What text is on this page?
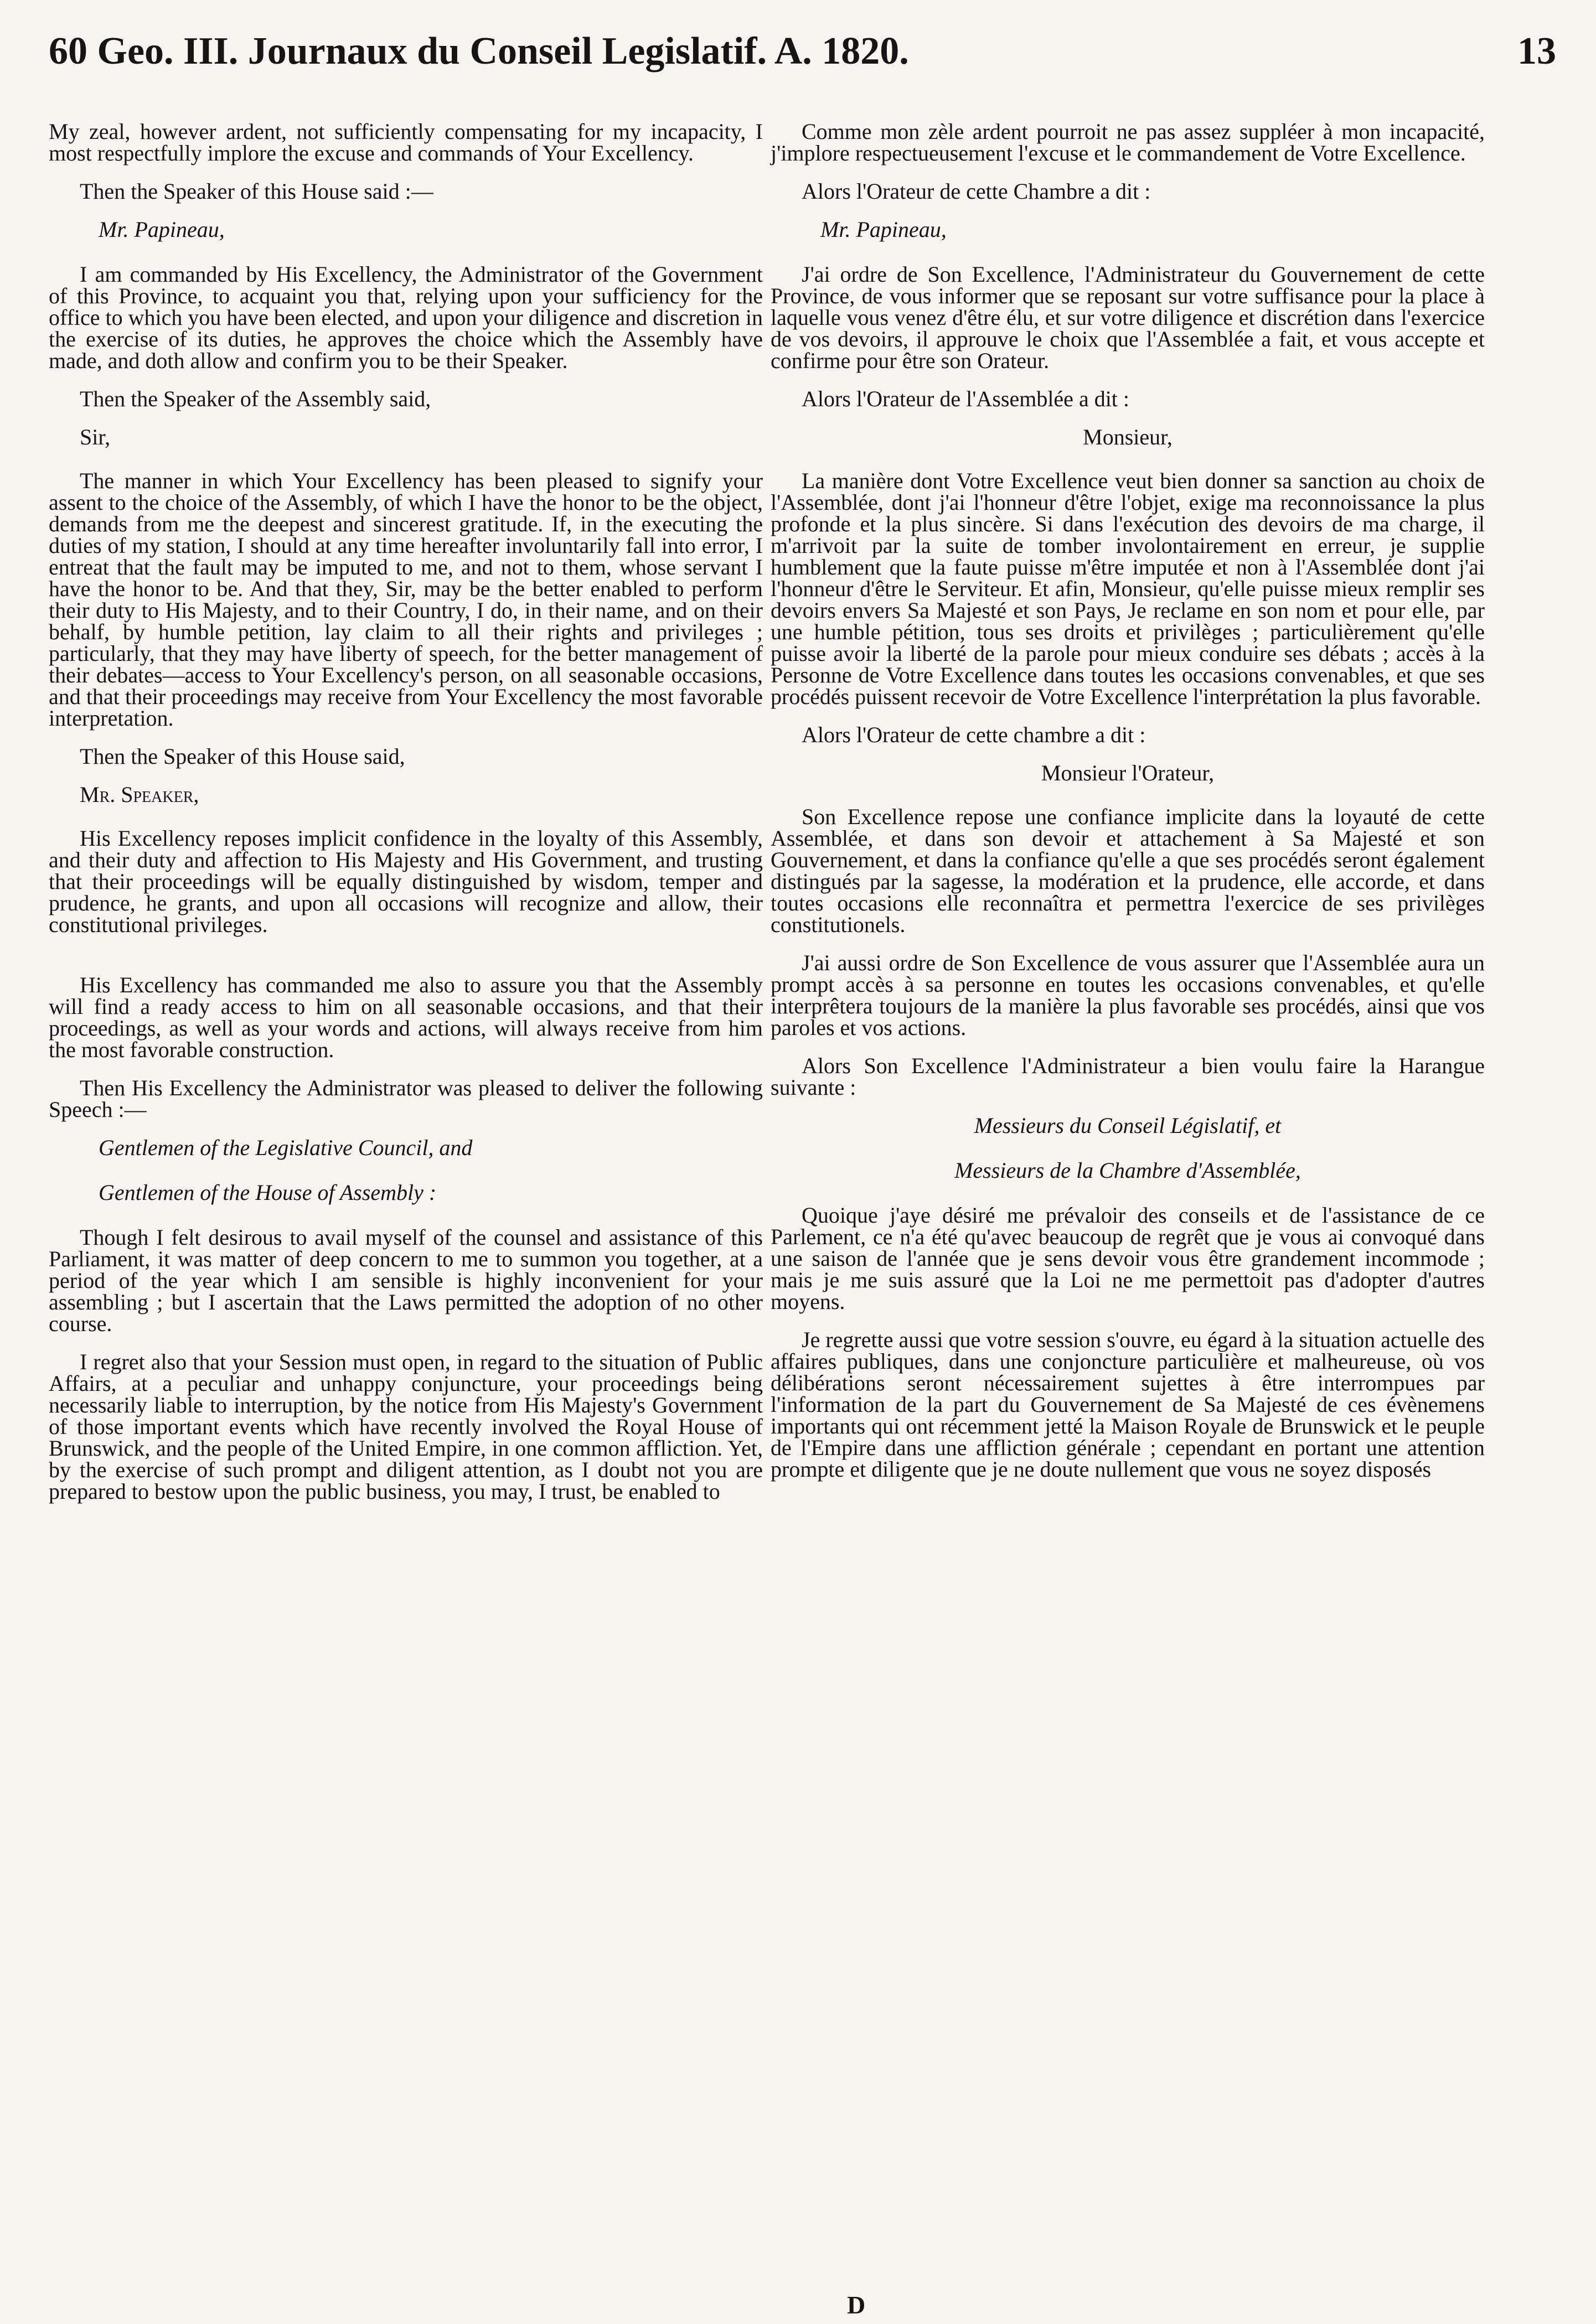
60 Geo. III. Journaux du Conseil Legislatif. A. 1820.	13

My zeal, however ardent, not sufficiently compensating for my incapacity, I most respectfully implore the excuse and commands of Your Excellency.

Then the Speaker of this House said :—

Mr. Papineau,

I am commanded by His Excellency, the Administrator of the Government of this Province, to acquaint you that, relying upon your sufficiency for the office to which you have been elected, and upon your diligence and discretion in the exercise of its duties, he approves the choice which the Assembly have made, and doth allow and confirm you to be their Speaker.

Then the Speaker of the Assembly said,

Sir,

The manner in which Your Excellency has been pleased to signify your assent to the choice of the Assembly, of which I have the honor to be the object, demands from me the deepest and sincerest gratitude. If, in the executing the duties of my station, I should at any time hereafter involuntarily fall into error, I entreat that the fault may be imputed to me, and not to them, whose servant I have the honor to be. And that they, Sir, may be the better enabled to perform their duty to His Majesty, and to their Country, I do, in their name, and on their behalf, by humble petition, lay claim to all their rights and privileges ; particularly, that they may have liberty of speech, for the better management of their debates—access to Your Excellency's person, on all seasonable occasions, and that their proceedings may receive from Your Excellency the most favorable interpretation.

Then the Speaker of this House said,

Mr. Speaker,

His Excellency reposes implicit confidence in the loyalty of this Assembly, and their duty and affection to His Majesty and His Government, and trusting that their proceedings will be equally distinguished by wisdom, temper and prudence, he grants, and upon all occasions will recognize and allow, their constitutional privileges.

His Excellency has commanded me also to assure you that the Assembly will find a ready access to him on all seasonable occasions, and that their proceedings, as well as your words and actions, will always receive from him the most favorable construction.

Then His Excellency the Administrator was pleased to deliver the following Speech :—

Gentlemen of the Legislative Council, and

Gentlemen of the House of Assembly :

Though I felt desirous to avail myself of the counsel and assistance of this Parliament, it was matter of deep concern to me to summon you together, at a period of the year which I am sensible is highly inconvenient for your assembling ; but I ascertain that the Laws permitted the adoption of no other course.

I regret also that your Session must open, in regard to the situation of Public Affairs, at a peculiar and unhappy conjuncture, your proceedings being necessarily liable to interruption, by the notice from His Majesty's Government of those important events which have recently involved the Royal House of Brunswick, and the people of the United Empire, in one common affliction. Yet, by the exercise of such prompt and diligent attention, as I doubt not you are prepared to bestow upon the public business, you may, I trust, be enabled to

Comme mon zèle ardent pourroit ne pas assez suppléer à mon incapacité, j'implore respectueusement l'excuse et le commandement de Votre Excellence.

Alors l'Orateur de cette Chambre a dit :

Mr. Papineau,

J'ai ordre de Son Excellence, l'Administrateur du Gouvernement de cette Province, de vous informer que se reposant sur votre suffisance pour la place à laquelle vous venez d'être élu, et sur votre diligence et discrétion dans l'exercice de vos devoirs, il approuve le choix que l'Assemblée a fait, et vous accepte et confirme pour être son Orateur.

Alors l'Orateur de l'Assemblée a dit :

Monsieur,

La manière dont Votre Excellence veut bien donner sa sanction au choix de l'Assemblée, dont j'ai l'honneur d'être l'objet, exige ma reconnoissance la plus profonde et la plus sincère. Si dans l'exécution des devoirs de ma charge, il m'arrivoit par la suite de tomber involontairement en erreur, je supplie humblement que la faute puisse m'être imputée et non à l'Assemblée dont j'ai l'honneur d'être le Serviteur. Et afin, Monsieur, qu'elle puisse mieux remplir ses devoirs envers Sa Majesté et son Pays, Je reclame en son nom et pour elle, par une humble pétition, tous ses droits et privilèges ; particulièrement qu'elle puisse avoir la liberté de la parole pour mieux conduire ses débats ; accès à la Personne de Votre Excellence dans toutes les occasions convenables, et que ses procédés puissent recevoir de Votre Excellence l'interprétation la plus favorable.

Alors l'Orateur de cette chambre a dit :

Monsieur l'Orateur,

Son Excellence repose une confiance implicite dans la loyauté de cette Assemblée, et dans son devoir et attachement à Sa Majesté et son Gouvernement, et dans la confiance qu'elle a que ses procédés seront également distingués par la sagesse, la modération et la prudence, elle accorde, et dans toutes occasions elle reconnaîtra et permettra l'exercice de ses privilèges constitutionels.

J'ai aussi ordre de Son Excellence de vous assurer que l'Assemblée aura un prompt accès à sa personne en toutes les occasions convenables, et qu'elle interprêtera toujours de la manière la plus favorable ses procédés, ainsi que vos paroles et vos actions.

Alors Son Excellence l'Administrateur a bien voulu faire la Harangue suivante :

Messieurs du Conseil Législatif, et

Messieurs de la Chambre d'Assemblée,

Quoique j'aye désiré me prévaloir des conseils et de l'assistance de ce Parlement, ce n'a été qu'avec beaucoup de regrêt que je vous ai convoqué dans une saison de l'année que je sens devoir vous être grandement incommode ; mais je me suis assuré que la Loi ne me permettoit pas d'adopter d'autres moyens.

Je regrette aussi que votre session s'ouvre, eu égard à la situation actuelle des affaires publiques, dans une conjoncture particulière et malheureuse, où vos délibérations seront nécessairement sujettes à être interrompues par l'information de la part du Gouvernement de Sa Majesté de ces évènemens importants qui ont récemment jetté la Maison Royale de Brunswick et le peuple de l'Empire dans une affliction générale ; cependant en portant une attention prompte et diligente que je ne doute nullement que vous ne soyez disposés

D
